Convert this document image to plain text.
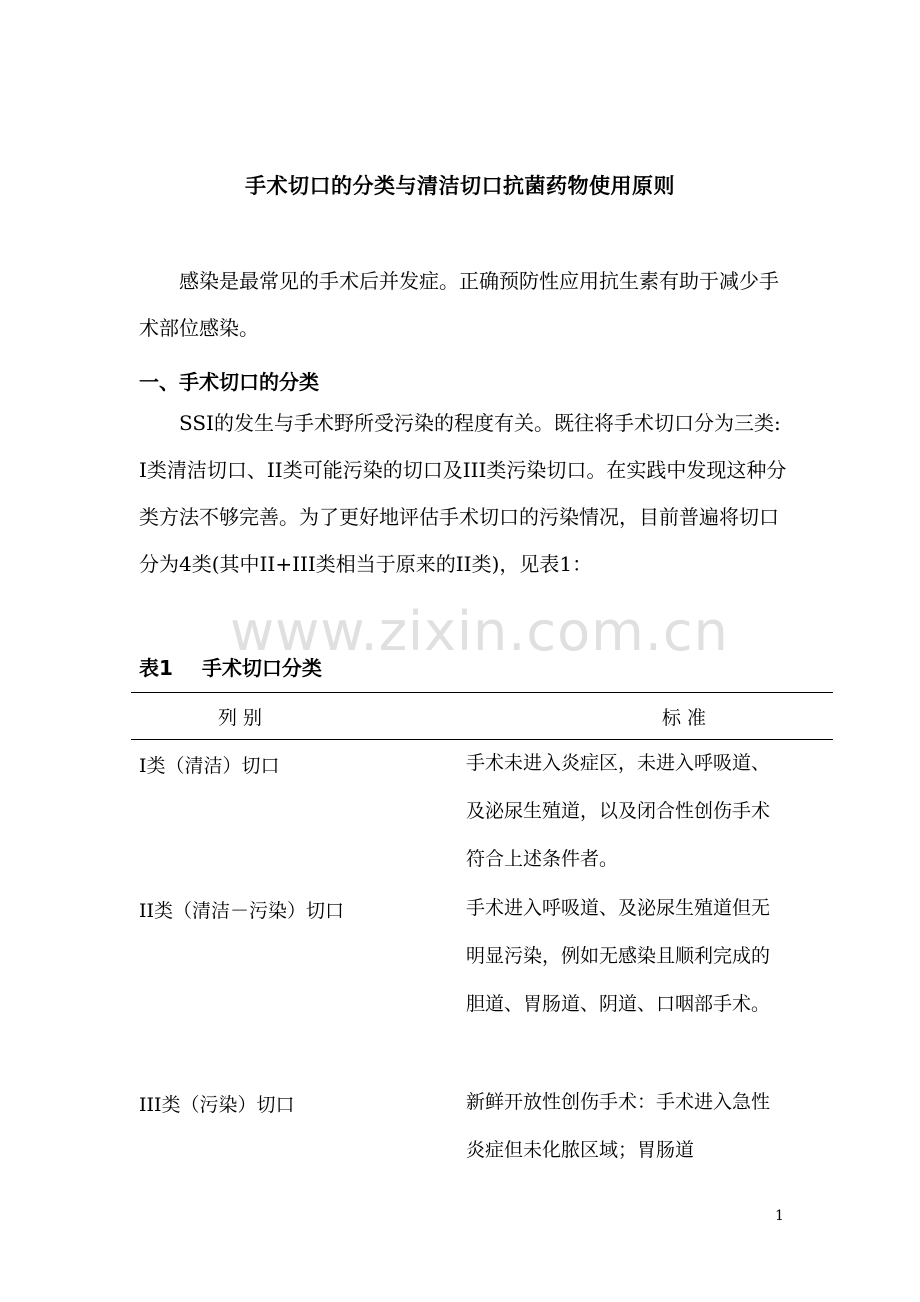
手术切口的分类与清洁切口抗菌药物使用原则

感染是最常见的手术后并发症。正确预防性应用抗生素有助于减少手术部位感染。

一、手术切口的分类

SSI的发生与手术野所受污染的程度有关。既往将手术切口分为三类: I类清洁切口、II类可能污染的切口及III类污染切口。在实践中发现这种分类方法不够完善。为了更好地评估手术切口的污染情况，目前普遍将切口分为4类(其中II+III类相当于原来的II类)，见表1：

表1 手术切口分类
列 别	标 准
I类（清洁）切口	手术未进入炎症区，未进入呼吸道、及泌尿生殖道，以及闭合性创伤手术符合上述条件者。
II类（清洁－污染）切口	手术进入呼吸道、及泌尿生殖道但无明显污染，例如无感染且顺利完成的胆道、胃肠道、阴道、口咽部手术。
III类（污染）切口	新鲜开放性创伤手术：手术进入急性炎症但未化脓区域；胃肠道
www.zixin.com.cn
1
